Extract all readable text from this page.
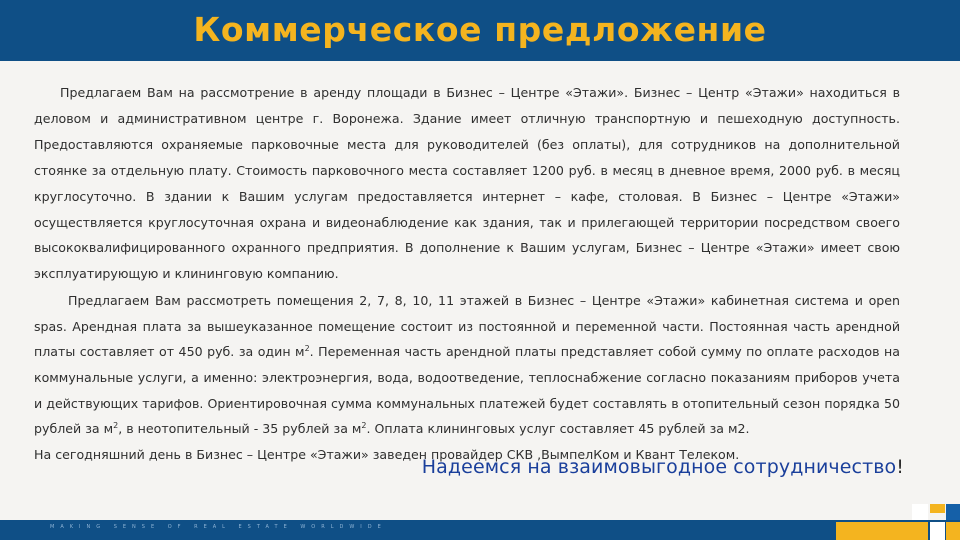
Коммерческое предложение

Предлагаем Вам на рассмотрение в аренду площади в Бизнес – Центре «Этажи». Бизнес – Центр «Этажи» находиться в деловом и административном центре г. Воронежа. Здание имеет отличную транспортную и пешеходную доступность. Предоставляются охраняемые парковочные места для руководителей (без оплаты), для сотрудников на дополнительной стоянке за отдельную плату. Стоимость парковочного места составляет 1200 руб. в месяц в дневное время, 2000 руб. в месяц круглосуточно. В здании к Вашим услугам предоставляется интернет – кафе, столовая. В Бизнес – Центре «Этажи» осуществляется круглосуточная охрана и видеонаблюдение как здания, так и прилегающей территории посредством своего высококвалифицированного охранного предприятия. В дополнение к Вашим услугам, Бизнес – Центре «Этажи» имеет свою эксплуатирующую и клининговую компанию.

Предлагаем Вам рассмотреть помещения 2, 7, 8, 10, 11 этажей в Бизнес – Центре «Этажи» кабинетная система и open spas. Арендная плата за вышеуказанное помещение состоит из постоянной и переменной части. Постоянная часть арендной платы составляет от 450 руб. за один $м^2$. Переменная часть арендной платы представляет собой сумму по оплате расходов на коммунальные услуги, а именно: электроэнергия, вода, водоотведение, теплоснабжение согласно показаниям приборов учета и действующих тарифов. Ориентировочная сумма коммунальных платежей будет составлять в отопительный сезон порядка 50 рублей за $м^2$, в неотопительный - 35 рублей за $м^2$. Оплата клининговых услуг составляет 45 рублей за м2.

На сегодняшний день в Бизнес – Центре «Этажи» заведен провайдер СКВ ,ВымпелКом и Квант Телеком.

Надеемся на взаимовыгодное сотрудничество!
MAKING SENSE OF REAL ESTATE WORLDWIDE
